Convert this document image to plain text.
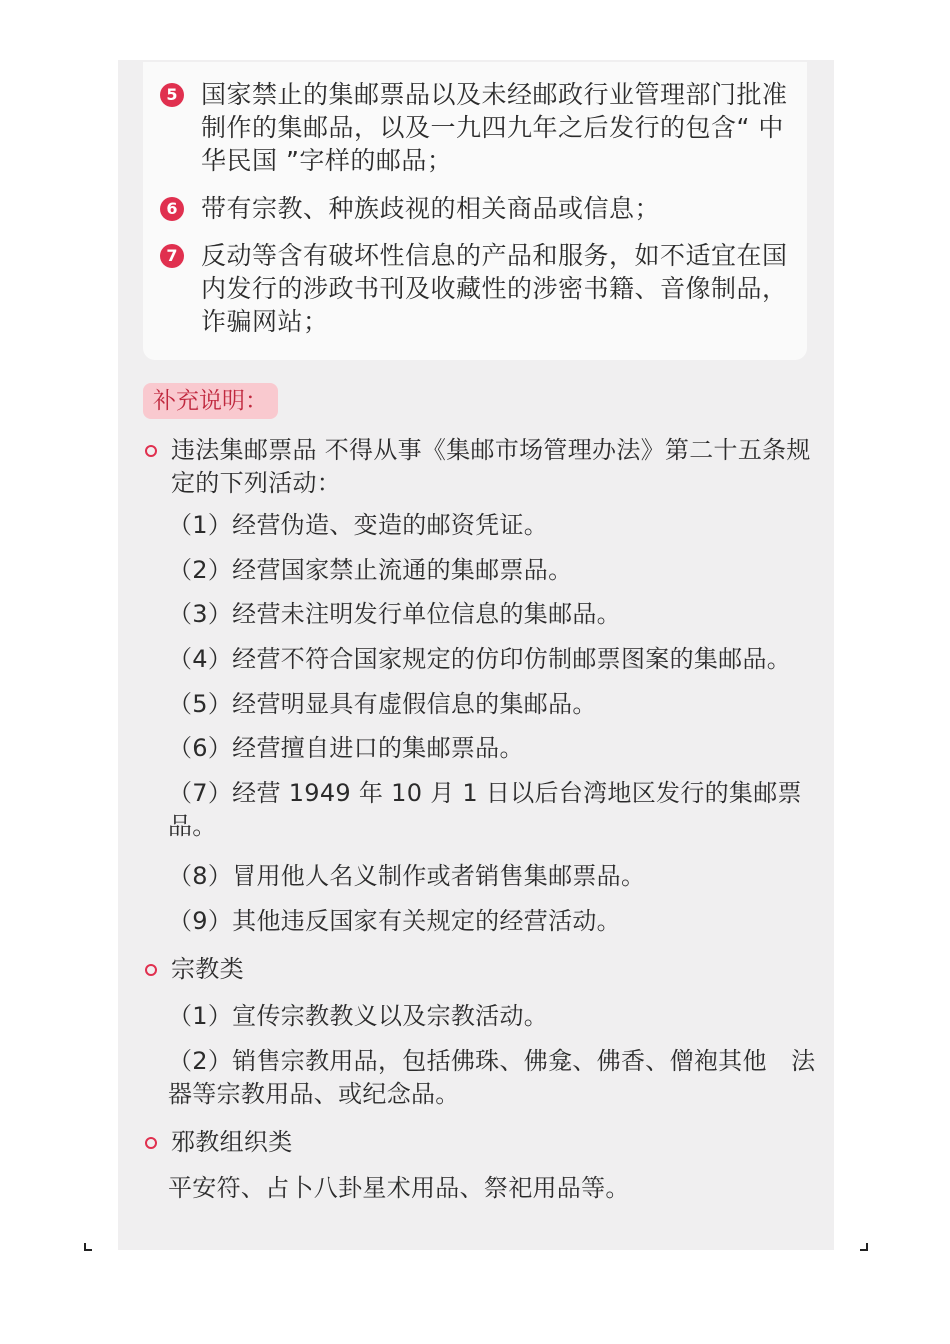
5 国家禁止的集邮票品以及未经邮政行业管理部门批准制作的集邮品，以及一九四九年之后发行的包含“ 中华民国 ”字样的邮品；
6 带有宗教、种族歧视的相关商品或信息；
7 反动等含有破坏性信息的产品和服务，如不适宜在国内发行的涉政书刊及收藏性的涉密书籍、音像制品，诈骗网站；
补充说明：
违法集邮票品 不得从事《集邮市场管理办法》第二十五条规定的下列活动：
（1）经营伪造、变造的邮资凭证。
（2）经营国家禁止流通的集邮票品。
（3）经营未注明发行单位信息的集邮品。
（4）经营不符合国家规定的仿印仿制邮票图案的集邮品。
（5）经营明显具有虚假信息的集邮品。
（6）经营擅自进口的集邮票品。
（7）经营 1949 年 10 月 1 日以后台湾地区发行的集邮票品。
（8）冒用他人名义制作或者销售集邮票品。
（9）其他违反国家有关规定的经营活动。
宗教类
（1）宣传宗教教义以及宗教活动。
（2）销售宗教用品，包括佛珠、佛龛、佛香、僧袍其他　法器等宗教用品、或纪念品。
邪教组织类
平安符、占卜八卦星术用品、祭祀用品等。
